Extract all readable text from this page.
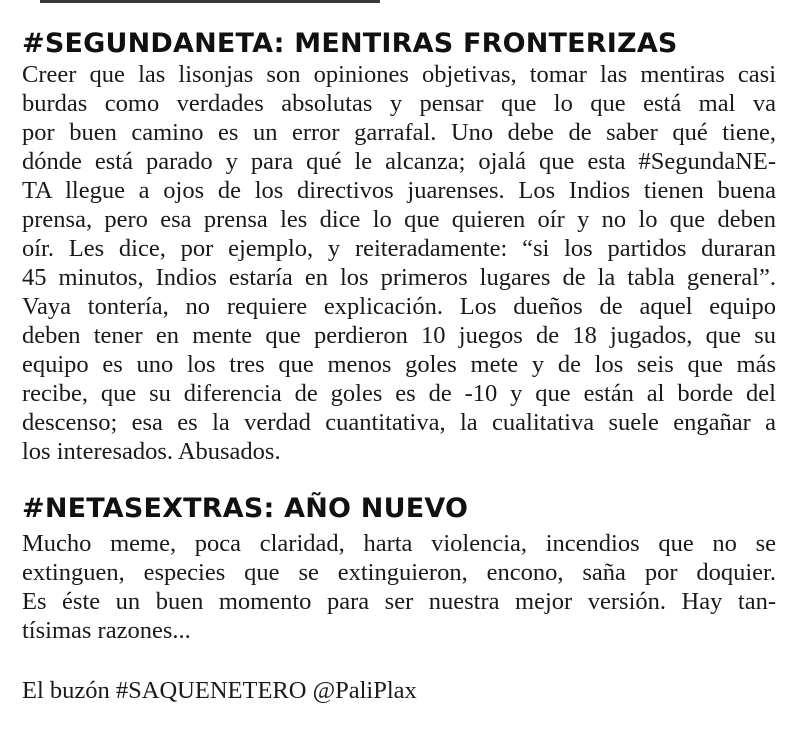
#SEGUNDANETA: MENTIRAS FRONTERIZAS
Creer que las lisonjas son opiniones objetivas, tomar las mentiras casi
burdas como verdades absolutas y pensar que lo que está mal va
por buen camino es un error garrafal. Uno debe de saber qué tiene,
dónde está parado y para qué le alcanza; ojalá que esta #SegundaNE-
TA llegue a ojos de los directivos juarenses. Los Indios tienen buena
prensa, pero esa prensa les dice lo que quieren oír y no lo que deben
oír. Les dice, por ejemplo, y reiteradamente: “si los partidos duraran
45 minutos, Indios estaría en los primeros lugares de la tabla general”.
Vaya tontería, no requiere explicación. Los dueños de aquel equipo
deben tener en mente que perdieron 10 juegos de 18 jugados, que su
equipo es uno los tres que menos goles mete y de los seis que más
recibe, que su diferencia de goles es de -10 y que están al borde del
descenso; esa es la verdad cuantitativa, la cualitativa suele engañar a
los interesados. Abusados.
#NETASEXTRAS: AÑO NUEVO
Mucho meme, poca claridad, harta violencia, incendios que no se
extinguen, especies que se extinguieron, encono, saña por doquier.
Es éste un buen momento para ser nuestra mejor versión. Hay tan-
tísimas razones...
El buzón #SAQUENETERO @PaliPlax
